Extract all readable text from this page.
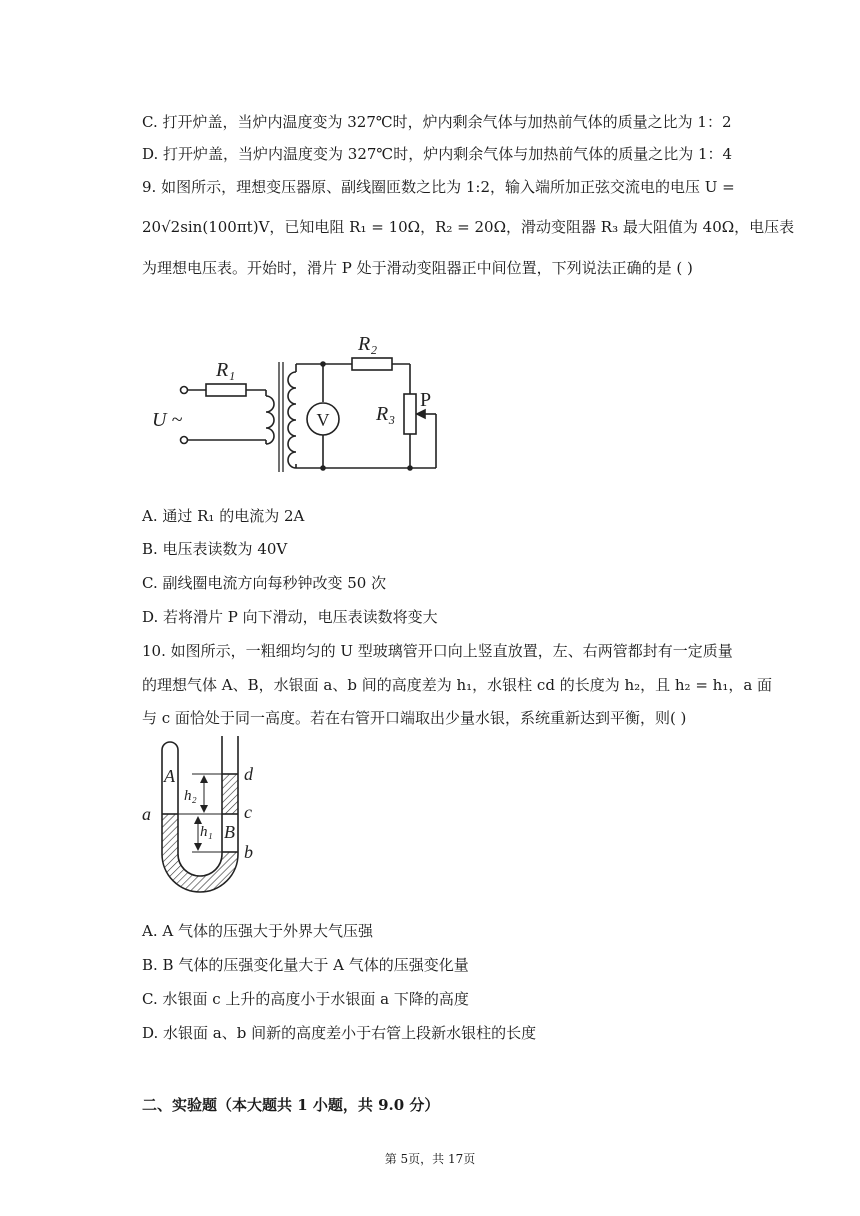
C. 打开炉盖，当炉内温度变为 327℃时，炉内剩余气体与加热前气体的质量之比为 1：2
D. 打开炉盖，当炉内温度变为 327℃时，炉内剩余气体与加热前气体的质量之比为 1：4
9. 如图所示，理想变压器原、副线圈匝数之比为 1:2，输入端所加正弦交流电的电压 U =
20√2sin(100πt)V，已知电阻 R₁ = 10Ω，R₂ = 20Ω，滑动变阻器 R₃ 最大阻值为 40Ω，电压表
为理想电压表。开始时，滑片 P 处于滑动变阻器正中间位置，下列说法正确的是 ( )
V
R₁
R₂
R₃
P
U ~
A. 通过 R₁ 的电流为 2A
B. 电压表读数为 40V
C. 副线圈电流方向每秒钟改变 50 次
D. 若将滑片 P 向下滑动，电压表读数将变大
10. 如图所示，一粗细均匀的 U 型玻璃管开口向上竖直放置，左、右两管都封有一定质量
的理想气体 A、B，水银面 a、b 间的高度差为 h₁，水银柱 cd 的长度为 h₂，且 h₂ = h₁，a 面
与 c 面恰处于同一高度。若在右管开口端取出少量水银，系统重新达到平衡，则( )
A
B
a
b
c
d
h₂
h₁
A. A 气体的压强大于外界大气压强
B. B 气体的压强变化量大于 A 气体的压强变化量
C. 水银面 c 上升的高度小于水银面 a 下降的高度
D. 水银面 a、b 间新的高度差小于右管上段新水银柱的长度
二、实验题（本大题共 1 小题，共 9.0 分）
第 5页，共 17页
